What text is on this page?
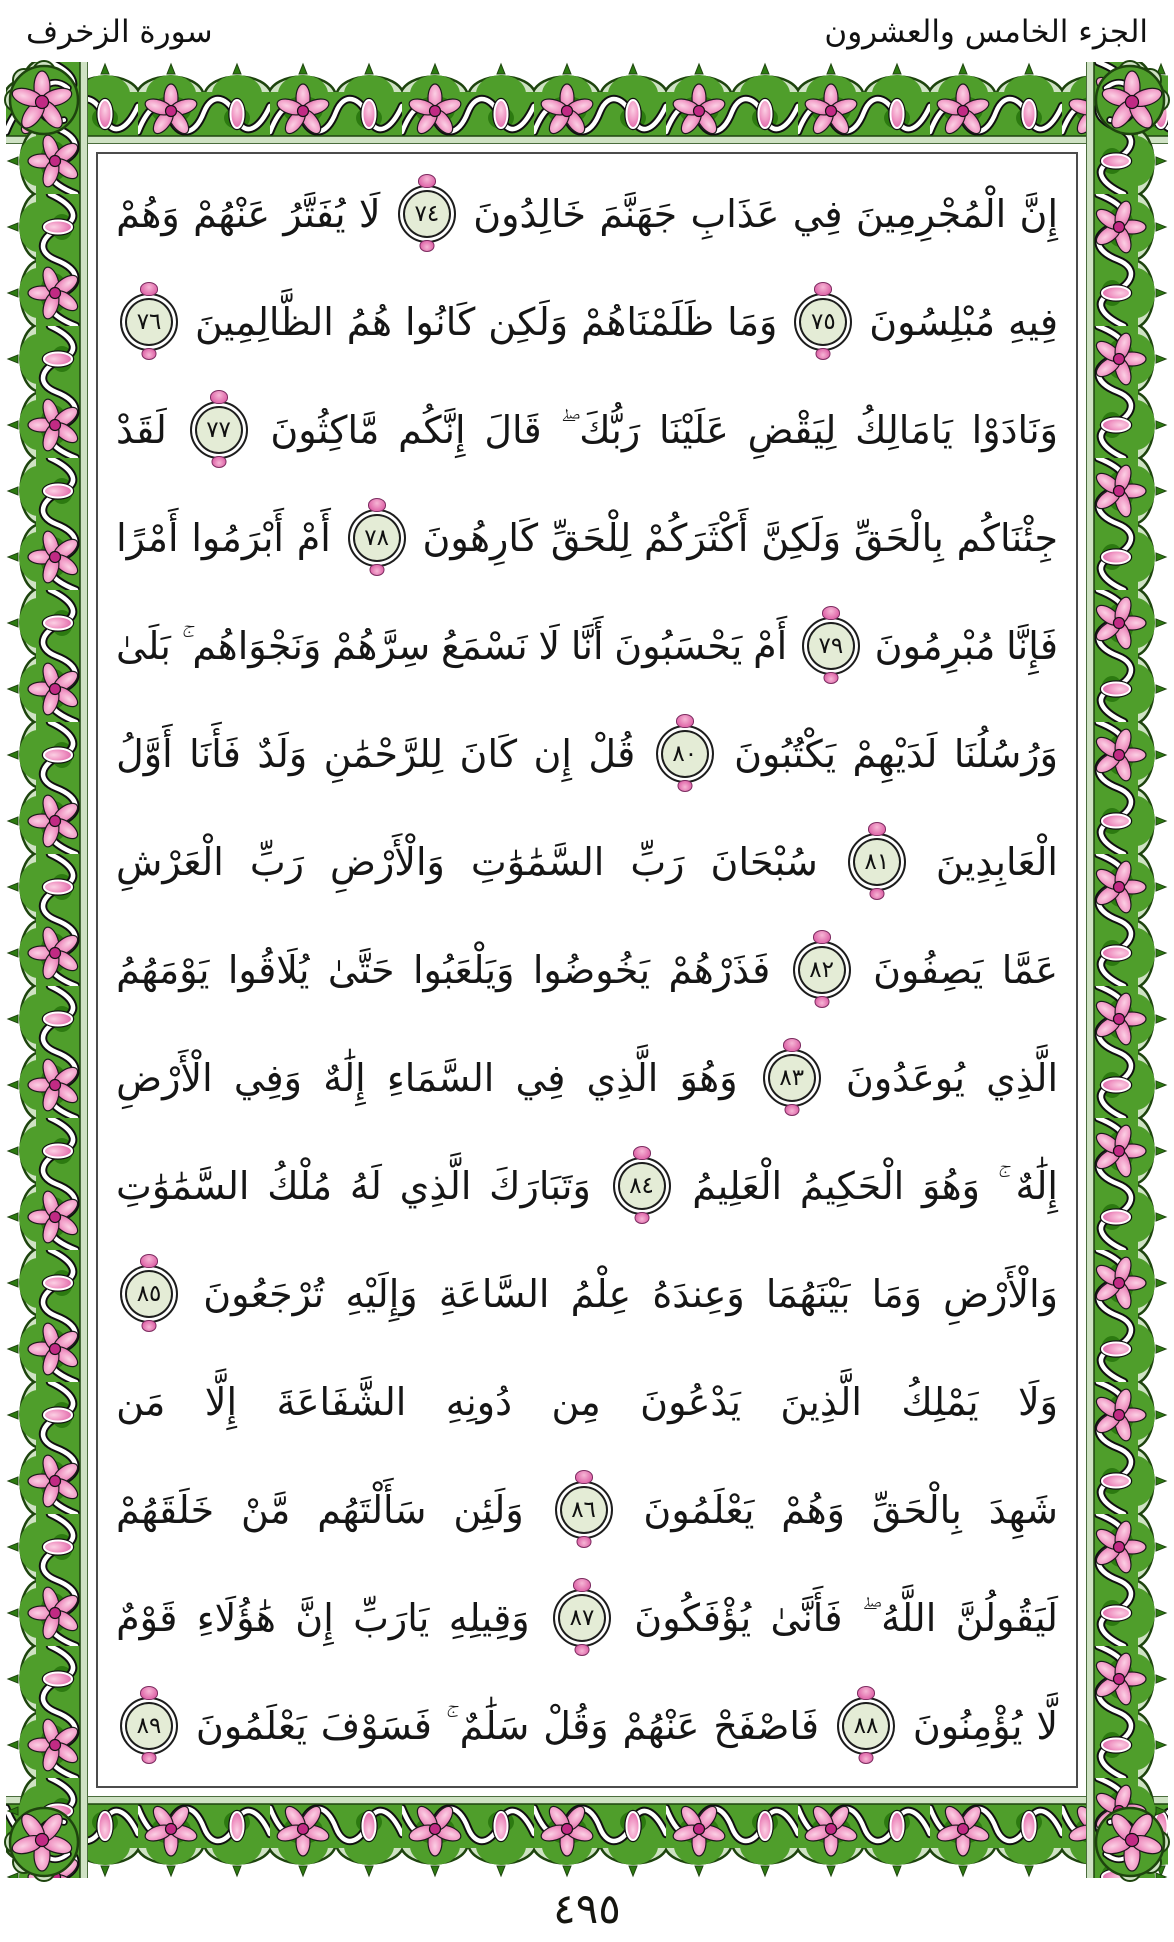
الجزء الخامس والعشرون
سورة الزخرف
إِنَّ
الْمُجْرِمِينَ
فِي
عَذَابِ
جَهَنَّمَ
خَالِدُونَ
٧٤
لَا
يُفَتَّرُ
عَنْهُمْ
وَهُمْ
فِيهِ
مُبْلِسُونَ
٧٥
وَمَا
ظَلَمْنَاهُمْ
وَلَكِن
كَانُوا
هُمُ
الظَّالِمِينَ
٧٦
وَنَادَوْا
يَامَالِكُ
لِيَقْضِ
عَلَيْنَا
رَبُّكَ
قَالَ
إِنَّكُم
مَّاكِثُونَ
٧٧
لَقَدْ
جِئْنَاكُم
بِالْحَقِّ
وَلَكِنَّ
أَكْثَرَكُمْ
لِلْحَقِّ
كَارِهُونَ
٧٨
أَمْ
أَبْرَمُوا
أَمْرًا
فَإِنَّا
مُبْرِمُونَ
٧٩
أَمْ
يَحْسَبُونَ
أَنَّا
لَا
نَسْمَعُ
سِرَّهُمْ
وَنَجْوَاهُم
بَلَىٰ
وَرُسُلُنَا
لَدَيْهِمْ
يَكْتُبُونَ
٨٠
قُلْ
إِن
كَانَ
لِلرَّحْمَٰنِ
وَلَدٌ
فَأَنَا
أَوَّلُ
الْعَابِدِينَ
٨١
سُبْحَانَ
رَبِّ
السَّمَٰوَٰتِ
وَالْأَرْضِ
رَبِّ
الْعَرْشِ
عَمَّا
يَصِفُونَ
٨٢
فَذَرْهُمْ
يَخُوضُوا
وَيَلْعَبُوا
حَتَّىٰ
يُلَاقُوا
يَوْمَهُمُ
الَّذِي
يُوعَدُونَ
٨٣
وَهُوَ
الَّذِي
فِي
السَّمَاءِ
إِلَٰهٌ
وَفِي
الْأَرْضِ
إِلَٰهٌ
وَهُوَ
الْحَكِيمُ
الْعَلِيمُ
٨٤
وَتَبَارَكَ
الَّذِي
لَهُ
مُلْكُ
السَّمَٰوَٰتِ
وَالْأَرْضِ
وَمَا
بَيْنَهُمَا
وَعِندَهُ
عِلْمُ
السَّاعَةِ
وَإِلَيْهِ
تُرْجَعُونَ
٨٥
وَلَا
يَمْلِكُ
الَّذِينَ
يَدْعُونَ
مِن
دُونِهِ
الشَّفَاعَةَ
إِلَّا
مَن
شَهِدَ
بِالْحَقِّ
وَهُمْ
يَعْلَمُونَ
٨٦
وَلَئِن
سَأَلْتَهُم
مَّنْ
خَلَقَهُمْ
لَيَقُولُنَّ
اللَّهُ
فَأَنَّىٰ
يُؤْفَكُونَ
٨٧
وَقِيلِهِ
يَارَبِّ
إِنَّ
هَٰؤُلَاءِ
قَوْمٌ
لَّا
يُؤْمِنُونَ
٨٨
فَاصْفَحْ
عَنْهُمْ
وَقُلْ
سَلَٰمٌ
فَسَوْفَ
يَعْلَمُونَ
٨٩
٤٩٥
